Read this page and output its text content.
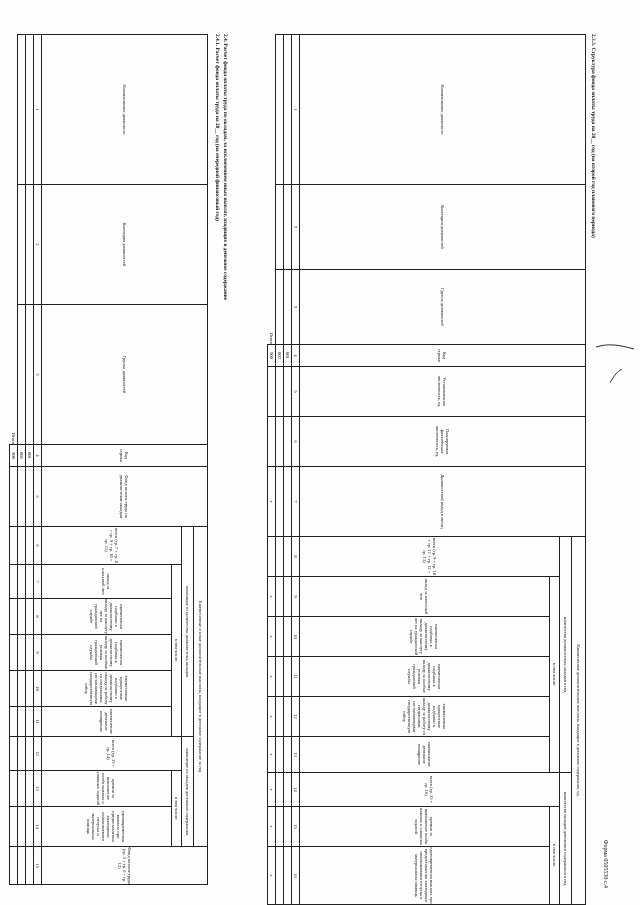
Форма 0505530 с.4
2.3.3. Структура фонда оплаты труда на 20__ год (на второй год планового периода)
Наименование должности	Категория должностей	Группа должностей	Код строки	Установленная численность, ед.	Планируемая фактическая численность, ед.	Должностной оклад в месяц	Ежемесячные дополнительные выплаты, входящие в денежное содержание, ед.								
							количество должностных окладов в год						количество окладов денежного содержания в год		
							всего (гр. 9 + гр. 10 + гр. 11 + гр. 12 + гр. 13)	в том числе:					всего (гр. 15 + гр. 16)	в том числе:	
								оклад за классный чин	ежемесячная надбавка к должностному окладу за выслугу лет на гражданской службе	ежемесячная надбавка к должностному окладу за особые условия гражданской службы	ежемесячные процентные надбавки к должностному окладу за работу со сведениями, составляющими государственную тайну	ежемесячное денежное поощрение		премии за выполнение особо важных и сложных заданий	единовременная выплата при предоставлении ежегодного оплачиваемого отпуска и материальная помощь
1	2	3	4	5	6	7	8	9	10	11	12	13	14	15	16
			001												
			002												
Итого			900			x		x	x	x	x	x	x	x	x
2.4. Расчет фонда оплаты труда по окладам, за исключением иных выплат, входящих в денежное содержание
2.4.1. Расчет фонда оплаты труда на 20__ год (на очередной финансовый год)
Наименование должности	Категория должностей	Группа должностей	Код строки	Фонд оплаты труда по должностным окладам	Ежемесячные и иные дополнительные выплаты, входящие в денежное содержание за год									Фонд оплаты труда (гр. 5 + гр. 6 + гр. 12)
					зависящие от количества должностных окладов						зависящие от окладов денежного содержания			
					всего (гр. 7 + гр. 8 + гр. 9 + гр. 10 + гр. 11)	в том числе:					всего (гр. 13 + гр. 14)	в том числе:		
						оклад за классный чин	ежемесячная надбавка к должностному окладу за выслугу лет на гражданской службе	ежемесячная надбавка к должностному окладу за особые условия гражданской службы	ежемесячные процентные надбавки к должностному окладу за работу со сведениями, составляющими государственную тайну	ежемесячное денежное поощрение		премии за выполнение особо важных и сложных заданий	единовременная выплата при предоставлении ежегодного оплачиваемого отпуска и материальная помощь	
1	2	3	4	5	6	7	8	9	10	11	12	13	14	15
			001											
			002											
Итого			900											
